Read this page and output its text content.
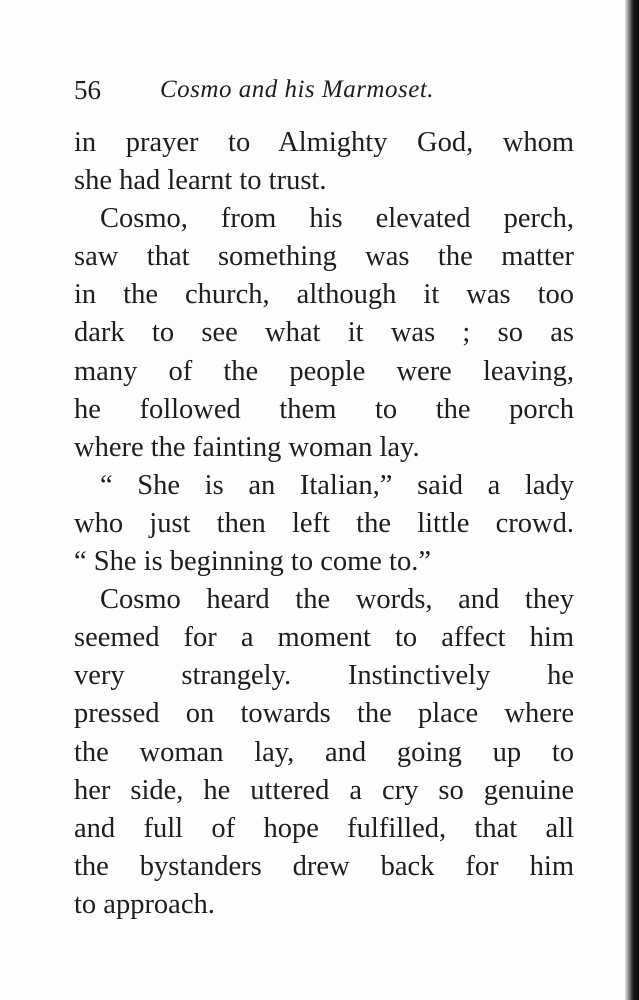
56 Cosmo and his Marmoset.
in prayer to Almighty God, whom
she had learnt to trust.
Cosmo, from his elevated perch,
saw that something was the matter
in the church, although it was too
dark to see what it was ; so as
many of the people were leaving,
he followed them to the porch
where the fainting woman lay.
“ She is an Italian,” said a lady
who just then left the little crowd.
“ She is beginning to come to.”
Cosmo heard the words, and they
seemed for a moment to affect him
very strangely. Instinctively he
pressed on towards the place where
the woman lay, and going up to
her side, he uttered a cry so genuine
and full of hope fulfilled, that all
the bystanders drew back for him
to approach.
